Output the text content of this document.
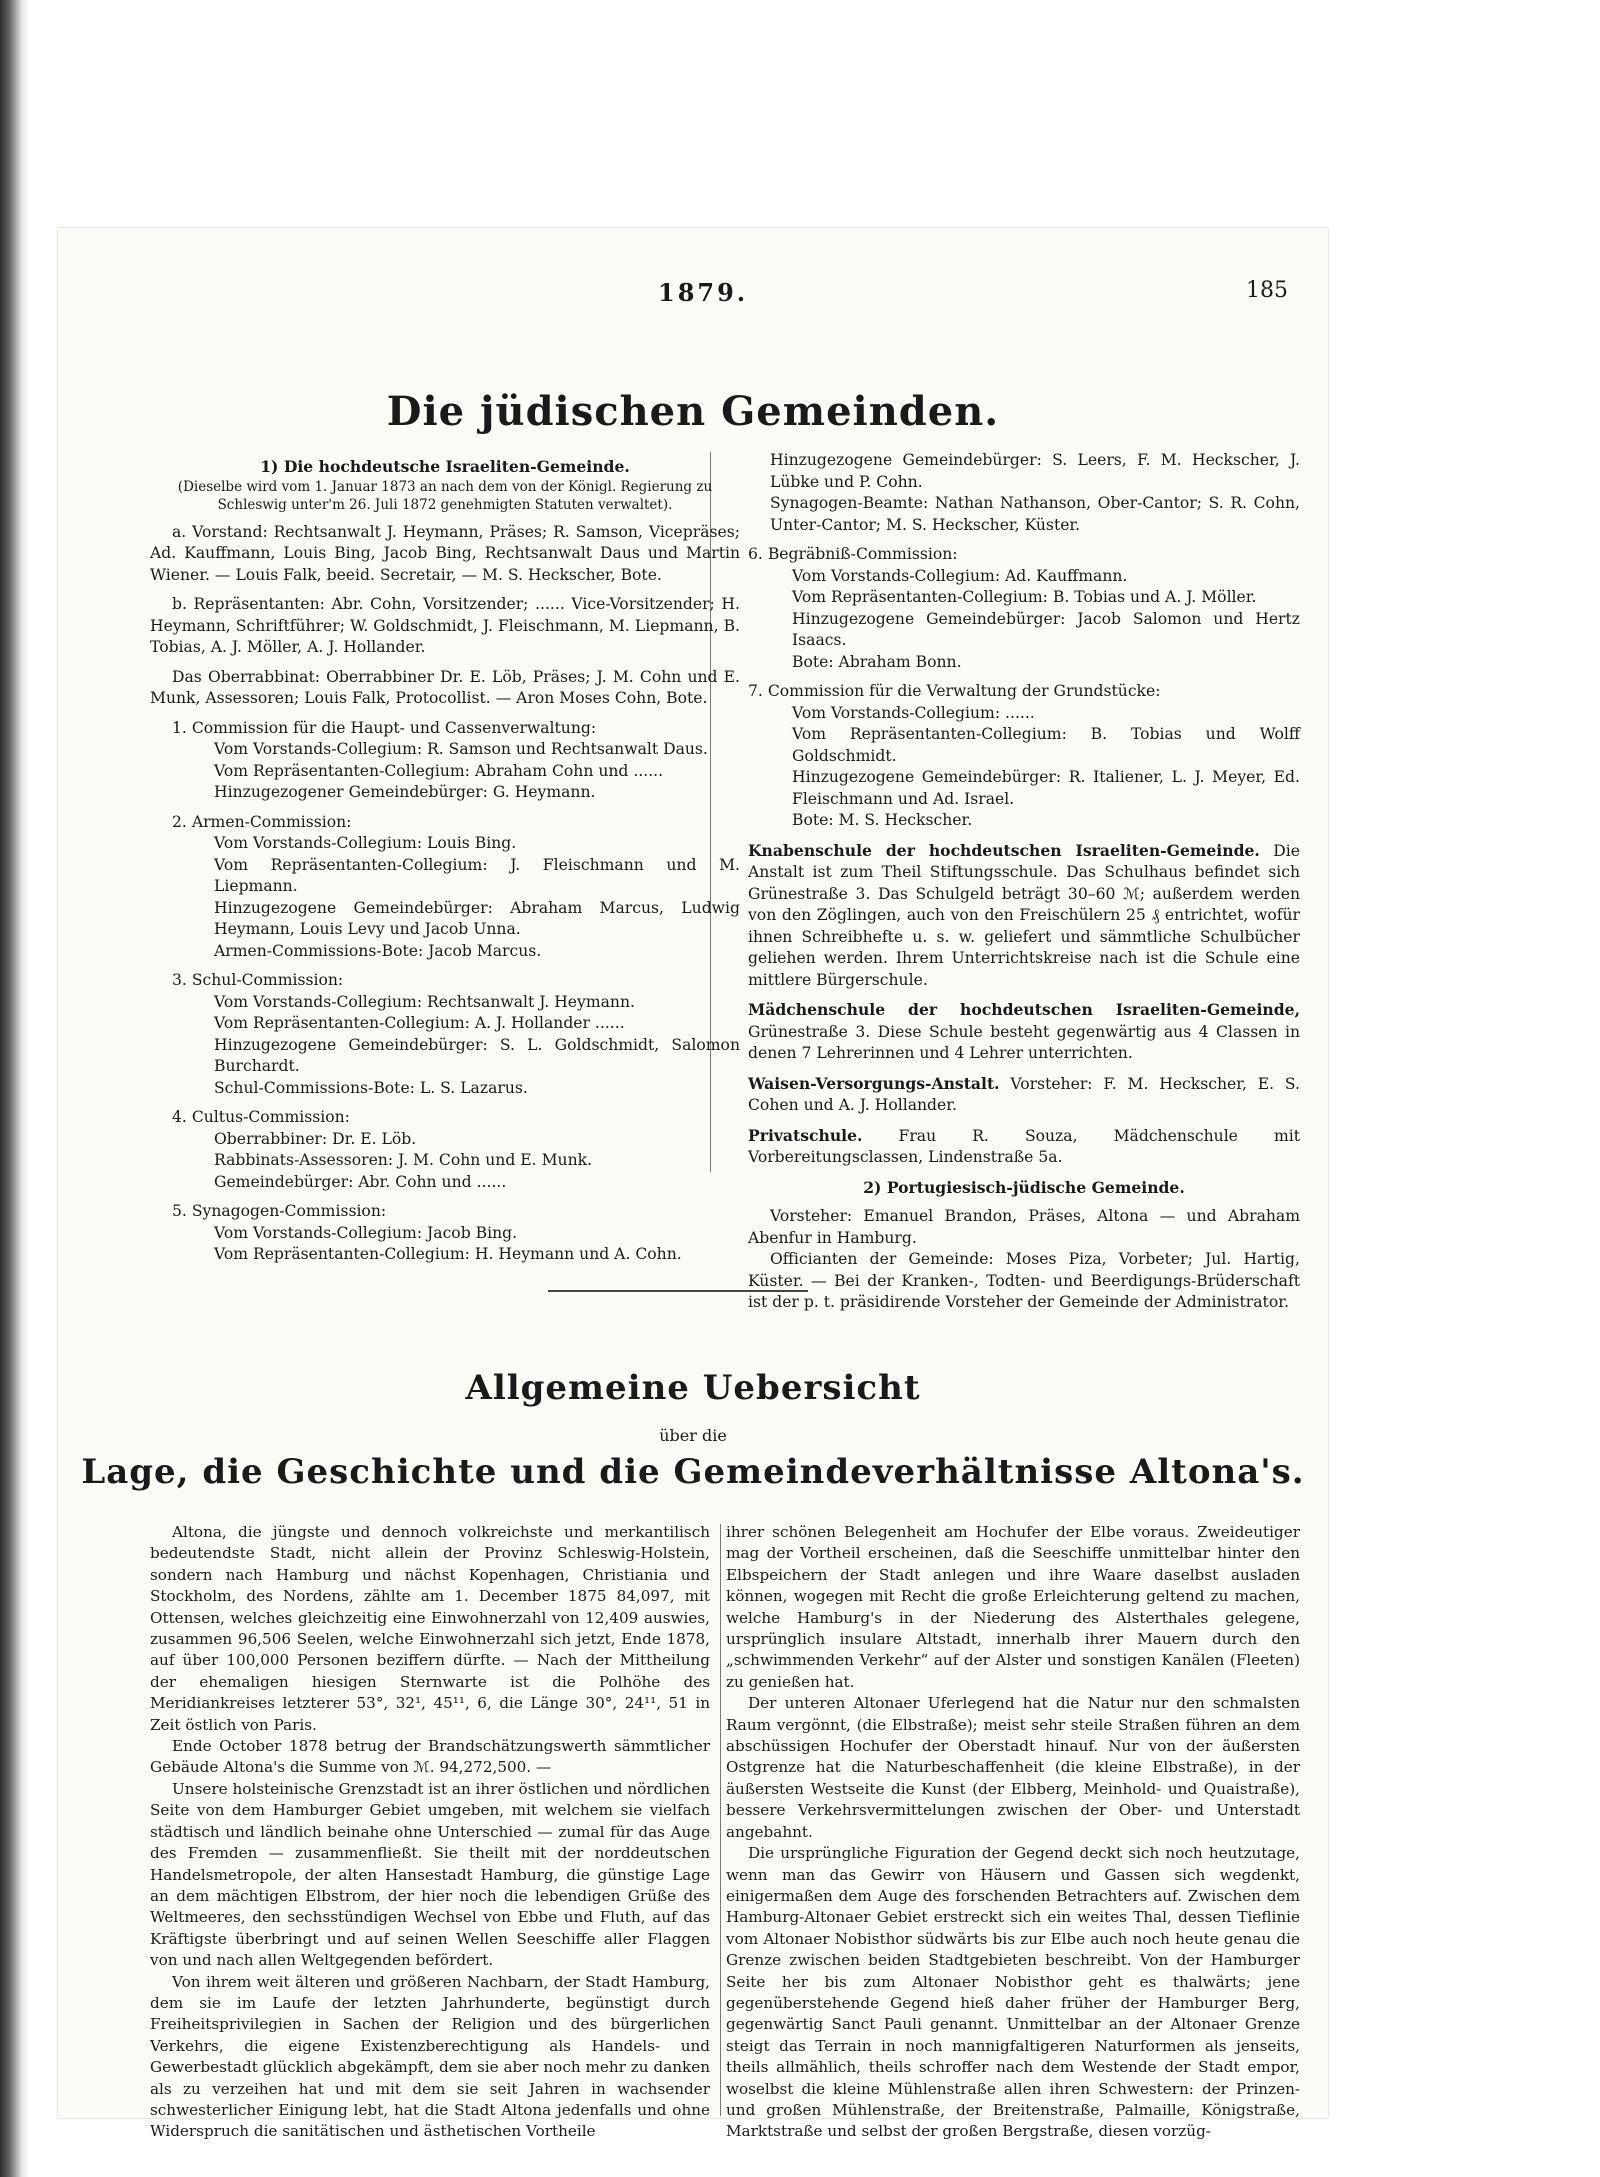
1879.	185
Die jüdischen Gemeinden.

1) Die hochdeutsche Israeliten-Gemeinde.

(Dieselbe wird vom 1. Januar 1873 an nach dem von der Königl. Regierung zu Schleswig unter'm 26. Juli 1872 genehmigten Statuten verwaltet).

a. Vorstand: Rechtsanwalt J. Heymann, Präses; R. Samson, Vicepräses; Ad. Kauffmann, Louis Bing, Jacob Bing, Rechtsanwalt Daus und Martin Wiener. — Louis Falk, beeid. Secretair, — M. S. Heckscher, Bote.

b. Repräsentanten: Abr. Cohn, Vorsitzender; ...... Vice-Vorsitzender; H. Heymann, Schriftführer; W. Goldschmidt, J. Fleischmann, M. Liepmann, B. Tobias, A. J. Möller, A. J. Hollander.

Das Oberrabbinat: Oberrabbiner Dr. E. Löb, Präses; J. M. Cohn und E. Munk, Assessoren; Louis Falk, Protocollist. — Aron Moses Cohn, Bote.

1. Commission für die Haupt- und Cassenverwaltung:

Vom Vorstands-Collegium: R. Samson und Rechtsanwalt Daus.

Vom Repräsentanten-Collegium: Abraham Cohn und ......

Hinzugezogener Gemeindebürger: G. Heymann.

2. Armen-Commission:

Vom Vorstands-Collegium: Louis Bing.

Vom Repräsentanten-Collegium: J. Fleischmann und M. Liepmann.

Hinzugezogene Gemeindebürger: Abraham Marcus, Ludwig Heymann, Louis Levy und Jacob Unna.

Armen-Commissions-Bote: Jacob Marcus.

3. Schul-Commission:

Vom Vorstands-Collegium: Rechtsanwalt J. Heymann.

Vom Repräsentanten-Collegium: A. J. Hollander ......

Hinzugezogene Gemeindebürger: S. L. Goldschmidt, Salomon Burchardt.

Schul-Commissions-Bote: L. S. Lazarus.

4. Cultus-Commission:

Oberrabbiner: Dr. E. Löb.

Rabbinats-Assessoren: J. M. Cohn und E. Munk.

Gemeindebürger: Abr. Cohn und ......

5. Synagogen-Commission:

Vom Vorstands-Collegium: Jacob Bing.

Vom Repräsentanten-Collegium: H. Heymann und A. Cohn.

Hinzugezogene Gemeindebürger: S. Leers, F. M. Heckscher, J. Lübke und P. Cohn.

Synagogen-Beamte: Nathan Nathanson, Ober-Cantor; S. R. Cohn, Unter-Cantor; M. S. Heckscher, Küster.

6. Begräbniß-Commission:

Vom Vorstands-Collegium: Ad. Kauffmann.

Vom Repräsentanten-Collegium: B. Tobias und A. J. Möller.

Hinzugezogene Gemeindebürger: Jacob Salomon und Hertz Isaacs.

Bote: Abraham Bonn.

7. Commission für die Verwaltung der Grundstücke:

Vom Vorstands-Collegium: ......

Vom Repräsentanten-Collegium: B. Tobias und Wolff Goldschmidt.

Hinzugezogene Gemeindebürger: R. Italiener, L. J. Meyer, Ed. Fleischmann und Ad. Israel.

Bote: M. S. Heckscher.

Knabenschule der hochdeutschen Israeliten-Gemeinde. Die Anstalt ist zum Theil Stiftungsschule. Das Schulhaus befindet sich Grünestraße 3. Das Schulgeld beträgt 30–60 ℳ; außerdem werden von den Zöglingen, auch von den Freischülern 25 ₰ entrichtet, wofür ihnen Schreibhefte u. s. w. geliefert und sämmtliche Schulbücher geliehen werden. Ihrem Unterrichtskreise nach ist die Schule eine mittlere Bürgerschule.

Mädchenschule der hochdeutschen Israeliten-Gemeinde, Grünestraße 3. Diese Schule besteht gegenwärtig aus 4 Classen in denen 7 Lehrerinnen und 4 Lehrer unterrichten.

Waisen-Versorgungs-Anstalt. Vorsteher: F. M. Heckscher, E. S. Cohen und A. J. Hollander.

Privatschule. Frau R. Souza, Mädchenschule mit Vorbereitungsclassen, Lindenstraße 5a.

2) Portugiesisch-jüdische Gemeinde.

Vorsteher: Emanuel Brandon, Präses, Altona — und Abraham Abenfur in Hamburg.

Officianten der Gemeinde: Moses Piza, Vorbeter; Jul. Hartig, Küster. — Bei der Kranken-, Todten- und Beerdigungs-Brüderschaft ist der p. t. präsidirende Vorsteher der Gemeinde der Administrator.

Allgemeine Uebersicht
über die
Lage, die Geschichte und die Gemeindeverhältnisse Altona's.

Altona, die jüngste und dennoch volkreichste und merkantilisch bedeutendste Stadt, nicht allein der Provinz Schleswig-Holstein, sondern nach Hamburg und nächst Kopenhagen, Christiania und Stockholm, des Nordens, zählte am 1. December 1875 84,097, mit Ottensen, welches gleichzeitig eine Einwohnerzahl von 12,409 auswies, zusammen 96,506 Seelen, welche Einwohnerzahl sich jetzt, Ende 1878, auf über 100,000 Personen beziffern dürfte. — Nach der Mittheilung der ehemaligen hiesigen Sternwarte ist die Polhöhe des Meridiankreises letzterer 53°, 32¹, 45¹¹, 6, die Länge 30°, 24¹¹, 51 in Zeit östlich von Paris.

Ende October 1878 betrug der Brandschätzungswerth sämmtlicher Gebäude Altona's die Summe von ℳ. 94,272,500. —

Unsere holsteinische Grenzstadt ist an ihrer östlichen und nördlichen Seite von dem Hamburger Gebiet umgeben, mit welchem sie vielfach städtisch und ländlich beinahe ohne Unterschied — zumal für das Auge des Fremden — zusammenfließt. Sie theilt mit der norddeutschen Handelsmetropole, der alten Hansestadt Hamburg, die günstige Lage an dem mächtigen Elbstrom, der hier noch die lebendigen Grüße des Weltmeeres, den sechsstündigen Wechsel von Ebbe und Fluth, auf das Kräftigste überbringt und auf seinen Wellen Seeschiffe aller Flaggen von und nach allen Weltgegenden befördert.

Von ihrem weit älteren und größeren Nachbarn, der Stadt Hamburg, dem sie im Laufe der letzten Jahrhunderte, begünstigt durch Freiheitsprivilegien in Sachen der Religion und des bürgerlichen Verkehrs, die eigene Existenzberechtigung als Handels- und Gewerbestadt glücklich abgekämpft, dem sie aber noch mehr zu danken als zu verzeihen hat und mit dem sie seit Jahren in wachsender schwesterlicher Einigung lebt, hat die Stadt Altona jedenfalls und ohne Widerspruch die sanitätischen und ästhetischen Vortheile

ihrer schönen Belegenheit am Hochufer der Elbe voraus. Zweideutiger mag der Vortheil erscheinen, daß die Seeschiffe unmittelbar hinter den Elbspeichern der Stadt anlegen und ihre Waare daselbst ausladen können, wogegen mit Recht die große Erleichterung geltend zu machen, welche Hamburg's in der Niederung des Alsterthales gelegene, ursprünglich insulare Altstadt, innerhalb ihrer Mauern durch den „schwimmenden Verkehr“ auf der Alster und sonstigen Kanälen (Fleeten) zu genießen hat.

Der unteren Altonaer Uferlegend hat die Natur nur den schmalsten Raum vergönnt, (die Elbstraße); meist sehr steile Straßen führen an dem abschüssigen Hochufer der Oberstadt hinauf. Nur von der äußersten Ostgrenze hat die Naturbeschaffenheit (die kleine Elbstraße), in der äußersten Westseite die Kunst (der Elbberg, Meinhold- und Quaistraße), bessere Verkehrsvermittelungen zwischen der Ober- und Unterstadt angebahnt.

Die ursprüngliche Figuration der Gegend deckt sich noch heutzutage, wenn man das Gewirr von Häusern und Gassen sich wegdenkt, einigermaßen dem Auge des forschenden Betrachters auf. Zwischen dem Hamburg-Altonaer Gebiet erstreckt sich ein weites Thal, dessen Tieflinie vom Altonaer Nobisthor südwärts bis zur Elbe auch noch heute genau die Grenze zwischen beiden Stadtgebieten beschreibt. Von der Hamburger Seite her bis zum Altonaer Nobisthor geht es thalwärts; jene gegenüberstehende Gegend hieß daher früher der Hamburger Berg, gegenwärtig Sanct Pauli genannt. Unmittelbar an der Altonaer Grenze steigt das Terrain in noch mannigfaltigeren Naturformen als jenseits, theils allmählich, theils schroffer nach dem Westende der Stadt empor, woselbst die kleine Mühlenstraße allen ihren Schwestern: der Prinzen- und großen Mühlenstraße, der Breitenstraße, Palmaille, Königstraße, Marktstraße und selbst der großen Bergstraße, diesen vorzüg-
